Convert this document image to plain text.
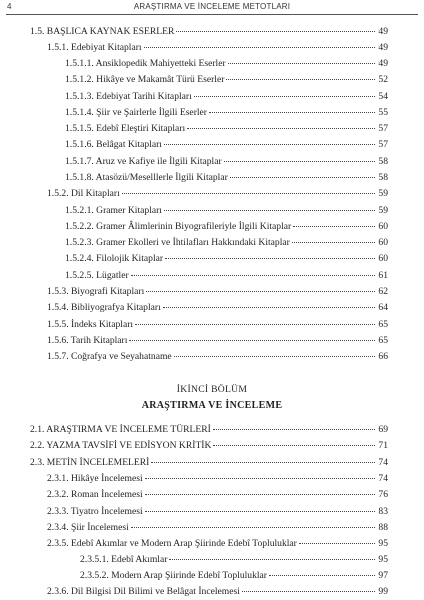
4	ARAŞTIRMA VE İNCELEME METOTLARI
1.5. BAŞLICA KAYNAK ESERLER	49
1.5.1. Edebiyat Kitapları	49
1.5.1.1. Ansiklopedik Mahiyetteki Eserler	49
1.5.1.2. Hikâye ve Makamât Türü Eserler	52
1.5.1.3. Edebiyat Tarihi Kitapları	54
1.5.1.4. Şiir ve Şairlerle İlgili Eserler	55
1.5.1.5. Edebî Eleştiri Kitapları	57
1.5.1.6. Belâgat Kitapları	57
1.5.1.7. Aruz ve Kafiye ile İlgili Kitaplar	58
1.5.1.8. Atasözü/Meselllerle İlgili Kitaplar	58
1.5.2. Dil Kitapları	59
1.5.2.1. Gramer Kitapları	59
1.5.2.2. Gramer Âlimlerinin Biyografileriyle İlgili Kitaplar	60
1.5.2.3. Gramer Ekolleri ve İhtilafları Hakkındaki Kitaplar	60
1.5.2.4. Filolojik Kitaplar	60
1.5.2.5. Lügatler	61
1.5.3. Biyografi Kitapları	62
1.5.4. Bibliyografya Kitapları	64
1.5.5. İndeks Kitapları	65
1.5.6. Tarih Kitapları	65
1.5.7. Coğrafya ve Seyahatname	66
İKİNCİ BÖLÜM
ARAŞTIRMA VE İNCELEME
2.1. ARAŞTIRMA VE İNCELEME TÜRLERİ	69
2.2. YAZMA TAVSİFİ VE EDİSYON KRİTİK	71
2.3. METİN İNCELEMELERİ	74
2.3.1. Hikâye İncelemesi	74
2.3.2. Roman İncelemesi	76
2.3.3. Tiyatro İncelemesi	83
2.3.4. Şiir İncelemesi	88
2.3.5. Edebî Akımlar ve Modern Arap Şiirinde Edebî Topluluklar	95
2.3.5.1. Edebî Akımlar	95
2.3.5.2. Modern Arap Şiirinde Edebî Topluluklar	97
2.3.6. Dil Bilgisi Dil Bilimi ve Belâgat İncelemesi	99
